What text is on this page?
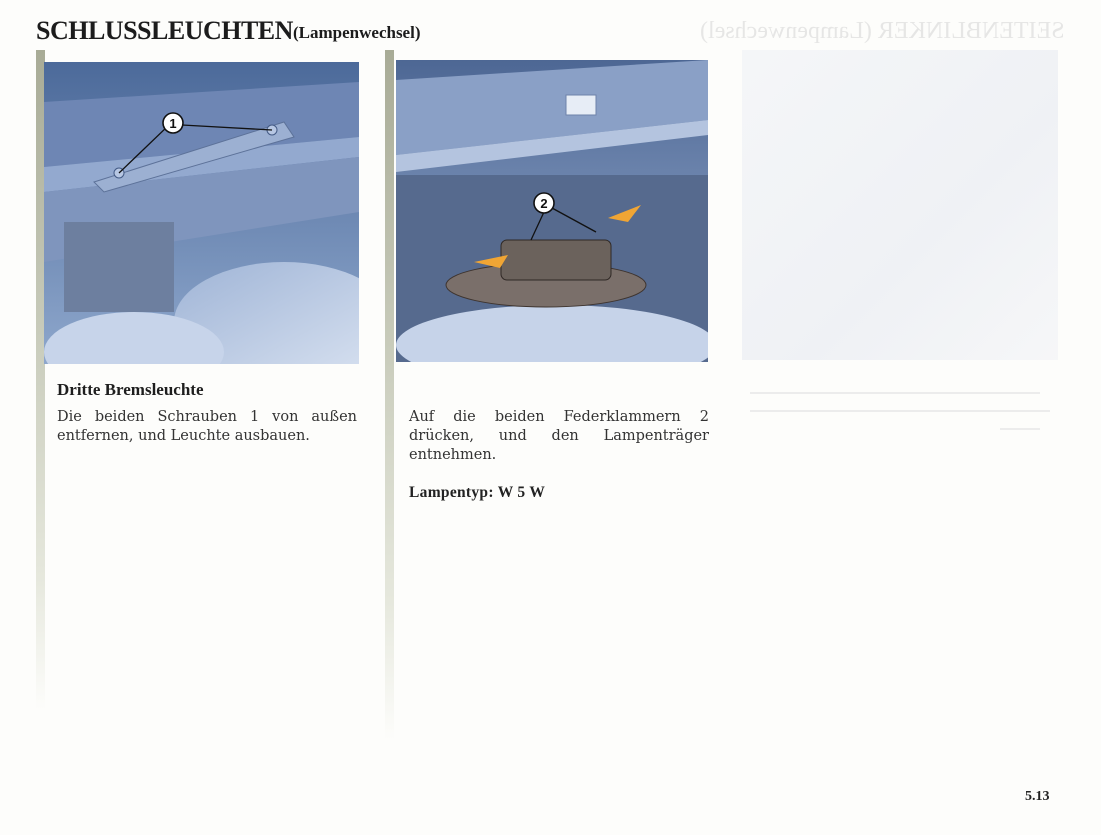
SCHLUSSLEUCHTEN (Lampenwechsel)	SEITENBLINKER (Lampenwechsel)
1
2
Dritte Bremsleuchte
Die beiden Schrauben 1 von außen entfernen, und Leuchte ausbauen.
Auf die beiden Federklammern 2 drücken, und den Lampenträger entnehmen.
Lampentyp: W 5 W
5.13
